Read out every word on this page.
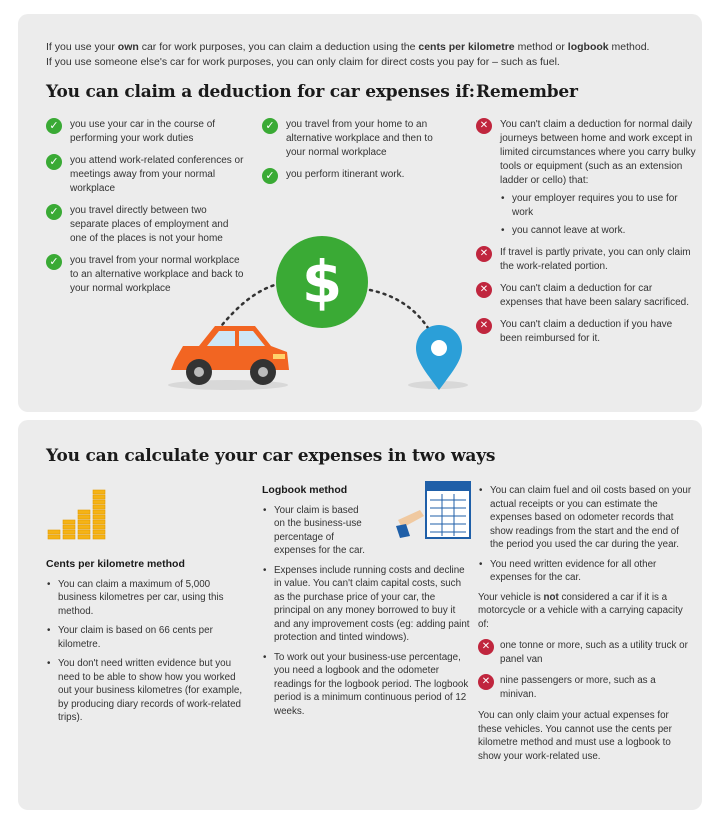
If you use your own car for work purposes, you can claim a deduction using the cents per kilometre method or logbook method.
If you use someone else's car for work purposes, you can only claim for direct costs you pay for – such as fuel.

You can claim a deduction for car expenses if: Remember
✓	you use your car in the course of performing your work duties
✓	you attend work-related conferences or meetings away from your normal workplace
✓	you travel directly between two separate places of employment and one of the places is not your home
✓	you travel from your normal workplace to an alternative workplace and back to your normal workplace
✓	you travel from your home to an alternative workplace and then to your normal workplace
✓	you perform itinerant work.
✕	You can't claim a deduction for normal daily journeys between home and work except in limited circumstances where you carry bulky tools or equipment (such as an extension ladder or cello) that:
• your employer requires you to use for work
• you cannot leave at work.
✕	If travel is partly private, you can only claim the work-related portion.
✕	You can't claim a deduction for car expenses that have been salary sacrificed.
✕	You can't claim a deduction if you have been reimbursed for it.
$
You can calculate your car expenses in two ways
Cents per kilometre method
• You can claim a maximum of 5,000 business kilometres per car, using this method.
• Your claim is based on 66 cents per kilometre.
• You don't need written evidence but you need to be able to show how you worked out your business kilometres (for example, by producing diary records of work-related trips).
Logbook method
• Your claim is based on the business-use percentage of expenses for the car.
• Expenses include running costs and decline in value. You can't claim capital costs, such as the purchase price of your car, the principal on any money borrowed to buy it and any improvement costs (eg: adding paint protection and tinted windows).
• To work out your business-use percentage, you need a logbook and the odometer readings for the logbook period. The logbook period is a minimum continuous period of 12 weeks.
• You can claim fuel and oil costs based on your actual receipts or you can estimate the expenses based on odometer records that show readings from the start and the end of the period you used the car during the year.
• You need written evidence for all other expenses for the car.

Your vehicle is not considered a car if it is a motorcycle or a vehicle with a carrying capacity of:

✕	one tonne or more, such as a utility truck or panel van
✕	nine passengers or more, such as a minivan.

You can only claim your actual expenses for these vehicles. You cannot use the cents per kilometre method and must use a logbook to show your work-related use.
